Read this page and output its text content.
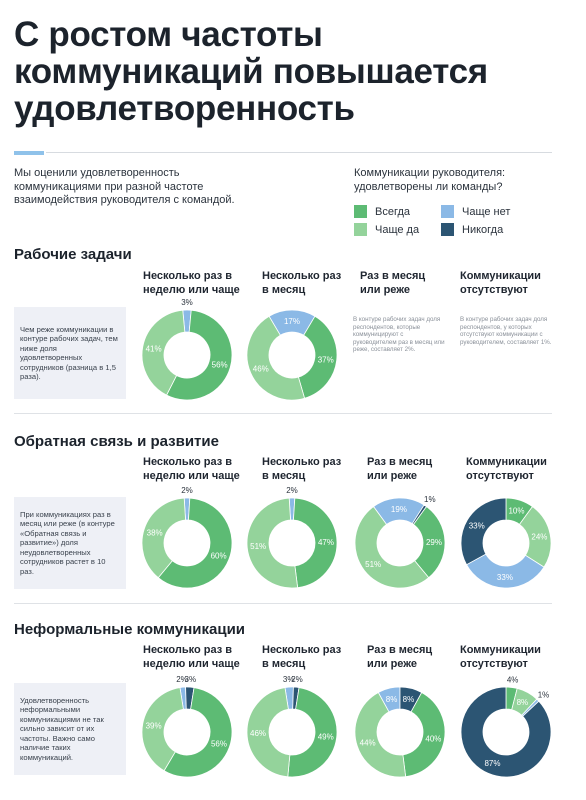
С ростом частоты коммуникаций повышается удовлетворенность
Мы оценили удовлетворенность коммуникациями при разной частоте взаимодействия руководителя с командой.
Коммуникации руководителя: удовлетворены ли команды?
Всегда	Чаще нет
Чаще да	Никогда
Рабочие задачи
Несколько раз в неделю или чаще
Несколько раз в месяц
Раз в месяц или реже
Коммуникации отсутствуют
Чем реже коммуникации в контуре рабочих задач, тем ниже доля удовлетворенных сотрудников (разница в 1,5 раза).
В контуре рабочих задач доля респондентов, которые коммуницируют с руководителем раз в месяц или реже, составляет 2%.
В контуре рабочих задач доля респондентов, у которых отсутствуют коммуникации с руководителем, составляет 1%.
Обратная связь и развитие
Несколько раз в неделю или чаще
Несколько раз в месяц
Раз в месяц или реже
Коммуникации отсутствуют
При коммуникациях раз в месяц или реже (в контуре «Обратная связь и развитие») доля неудовлетворенных сотрудников растет в 10 раз.
Неформальные коммуникации
Несколько раз в неделю или чаще
Несколько раз в месяц
Раз в месяц или реже
Коммуникации отсутствуют
Удовлетворенность неформальными коммуникациями не так сильно зависит от их частоты. Важно само наличие таких коммуникаций.
3%
56%
41%
17%
37%
46%
2%
60%
38%
2%
47%
51%
19%
1%
29%
51%
10%
24%
33%
33%
2%
3%
56%
39%
3%
2%
49%
46%
8% 8%
40%
44%
4%
8%
1%
87%
